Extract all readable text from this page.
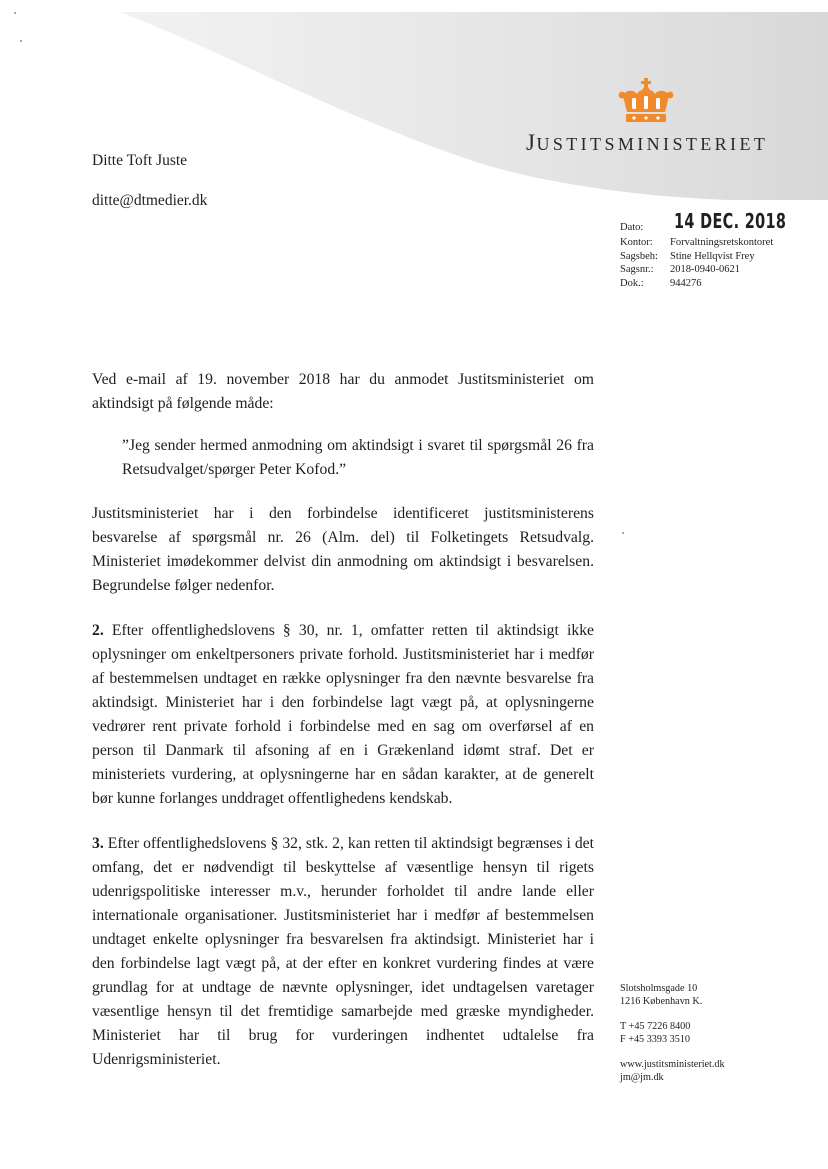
JUSTITSMINISTERIET
Ditte Toft Juste
ditte@dtmedier.dk
Dato:	14 DEC. 2018
Kontor:	Forvaltningsretskontoret
Sagsbeh:	Stine Hellqvist Frey
Sagsnr.:	2018-0940-0621
Dok.:	944276

Ved e-mail af 19. november 2018 har du anmodet Justitsministeriet om aktindsigt på følgende måde:

”Jeg sender hermed anmodning om aktindsigt i svaret til spørgsmål 26 fra Retsudvalget/spørger Peter Kofod.”

Justitsministeriet har i den forbindelse identificeret justitsministerens besvarelse af spørgsmål nr. 26 (Alm. del) til Folketingets Retsudvalg. Ministeriet imødekommer delvist din anmodning om aktindsigt i besvarelsen. Begrundelse følger nedenfor.

2. Efter offentlighedslovens § 30, nr. 1, omfatter retten til aktindsigt ikke oplysninger om enkeltpersoners private forhold. Justitsministeriet har i medfør af bestemmelsen undtaget en række oplysninger fra den nævnte besvarelse fra aktindsigt. Ministeriet har i den forbindelse lagt vægt på, at oplysningerne vedrører rent private forhold i forbindelse med en sag om overførsel af en person til Danmark til afsoning af en i Grækenland idømt straf. Det er ministeriets vurdering, at oplysningerne har en sådan karakter, at de generelt bør kunne forlanges unddraget offentlighedens kendskab.

3. Efter offentlighedslovens § 32, stk. 2, kan retten til aktindsigt begrænses i det omfang, det er nødvendigt til beskyttelse af væsentlige hensyn til rigets udenrigspolitiske interesser m.v., herunder forholdet til andre lande eller internationale organisationer. Justitsministeriet har i medfør af bestemmelsen undtaget enkelte oplysninger fra besvarelsen fra aktindsigt. Ministeriet har i den forbindelse lagt vægt på, at der efter en konkret vurdering findes at være grundlag for at undtage de nævnte oplysninger, idet undtagelsen varetager væsentlige hensyn til det fremtidige samarbejde med græske myndigheder. Ministeriet har til brug for vurderingen indhentet udtalelse fra Udenrigsministeriet.

Slotsholmsgade 10
1216 København K.
T +45 7226 8400
F +45 3393 3510
www.justitsministeriet.dk
jm@jm.dk
